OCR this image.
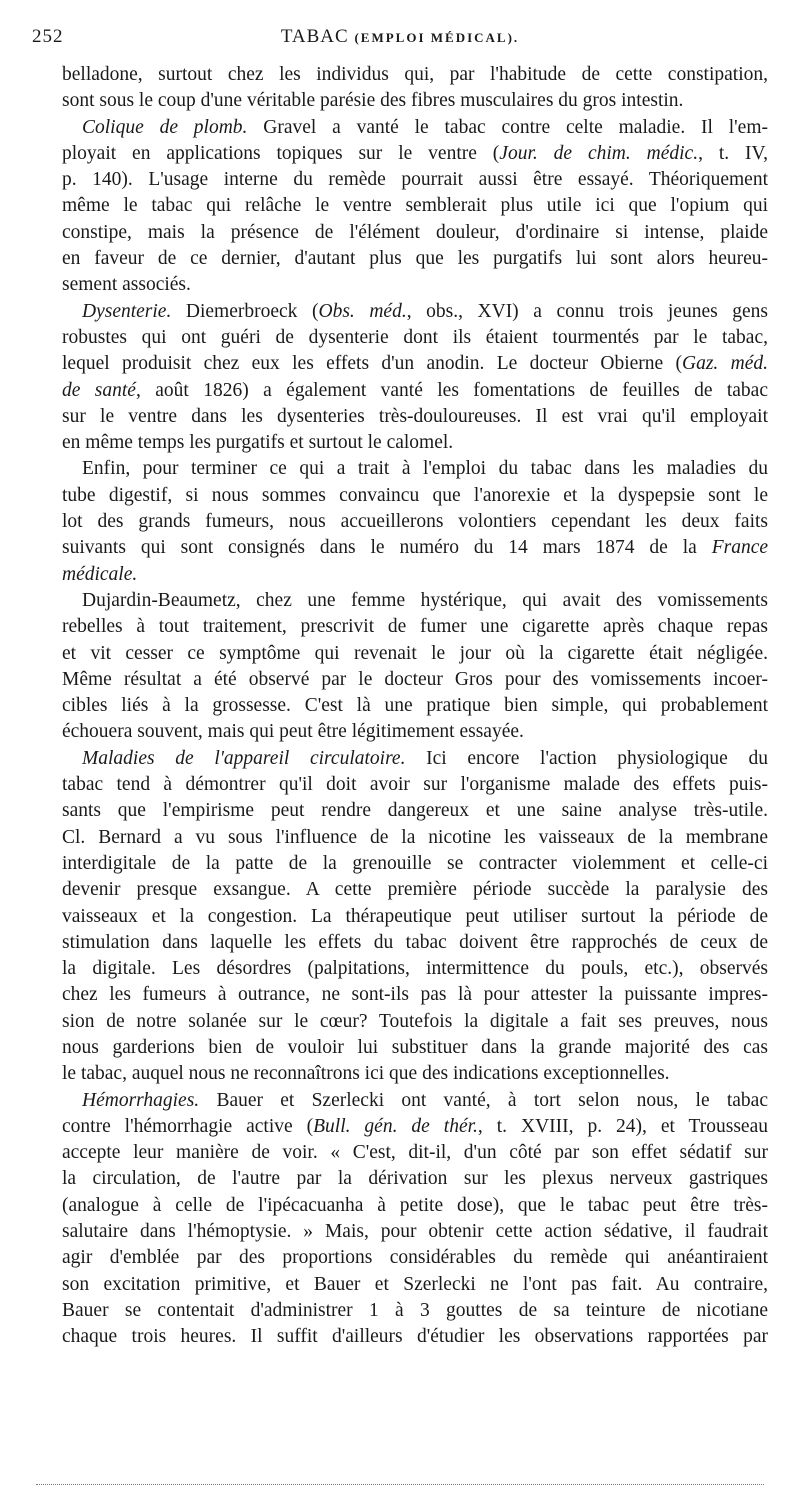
252	TABAC (EMPLOI MÉDICAL).
belladone, surtout chez les individus qui, par l'habitude de cette constipation,
sont sous le coup d'une véritable parésie des fibres musculaires du gros intestin.
Colique de plomb. Gravel a vanté le tabac contre celte maladie. Il l'em-
ployait en applications topiques sur le ventre (Jour. de chim. médic., t. IV,
p. 140). L'usage interne du remède pourrait aussi être essayé. Théoriquement
même le tabac qui relâche le ventre semblerait plus utile ici que l'opium qui
constipe, mais la présence de l'élément douleur, d'ordinaire si intense, plaide
en faveur de ce dernier, d'autant plus que les purgatifs lui sont alors heureu-
sement associés.
Dysenterie. Diemerbroeck (Obs. méd., obs., XVI) a connu trois jeunes gens
robustes qui ont guéri de dysenterie dont ils étaient tourmentés par le tabac,
lequel produisit chez eux les effets d'un anodin. Le docteur Obierne (Gaz. méd.
de santé, août 1826) a également vanté les fomentations de feuilles de tabac
sur le ventre dans les dysenteries très-douloureuses. Il est vrai qu'il employait
en même temps les purgatifs et surtout le calomel.
Enfin, pour terminer ce qui a trait à l'emploi du tabac dans les maladies du
tube digestif, si nous sommes convaincu que l'anorexie et la dyspepsie sont le
lot des grands fumeurs, nous accueillerons volontiers cependant les deux faits
suivants qui sont consignés dans le numéro du 14 mars 1874 de la France
médicale.
Dujardin-Beaumetz, chez une femme hystérique, qui avait des vomissements
rebelles à tout traitement, prescrivit de fumer une cigarette après chaque repas
et vit cesser ce symptôme qui revenait le jour où la cigarette était négligée.
Même résultat a été observé par le docteur Gros pour des vomissements incoer-
cibles liés à la grossesse. C'est là une pratique bien simple, qui probablement
échouera souvent, mais qui peut être légitimement essayée.
Maladies de l'appareil circulatoire. Ici encore l'action physiologique du
tabac tend à démontrer qu'il doit avoir sur l'organisme malade des effets puis-
sants que l'empirisme peut rendre dangereux et une saine analyse très-utile.
Cl. Bernard a vu sous l'influence de la nicotine les vaisseaux de la membrane
interdigitale de la patte de la grenouille se contracter violemment et celle-ci
devenir presque exsangue. A cette première période succède la paralysie des
vaisseaux et la congestion. La thérapeutique peut utiliser surtout la période de
stimulation dans laquelle les effets du tabac doivent être rapprochés de ceux de
la digitale. Les désordres (palpitations, intermittence du pouls, etc.), observés
chez les fumeurs à outrance, ne sont-ils pas là pour attester la puissante impres-
sion de notre solanée sur le cœur? Toutefois la digitale a fait ses preuves, nous
nous garderions bien de vouloir lui substituer dans la grande majorité des cas
le tabac, auquel nous ne reconnaîtrons ici que des indications exceptionnelles.
Hémorrhagies. Bauer et Szerlecki ont vanté, à tort selon nous, le tabac
contre l'hémorrhagie active (Bull. gén. de thér., t. XVIII, p. 24), et Trousseau
accepte leur manière de voir. « C'est, dit-il, d'un côté par son effet sédatif sur
la circulation, de l'autre par la dérivation sur les plexus nerveux gastriques
(analogue à celle de l'ipécacuanha à petite dose), que le tabac peut être très-
salutaire dans l'hémoptysie. » Mais, pour obtenir cette action sédative, il faudrait
agir d'emblée par des proportions considérables du remède qui anéantiraient
son excitation primitive, et Bauer et Szerlecki ne l'ont pas fait. Au contraire,
Bauer se contentait d'administrer 1 à 3 gouttes de sa teinture de nicotiane
chaque trois heures. Il suffit d'ailleurs d'étudier les observations rapportées par
